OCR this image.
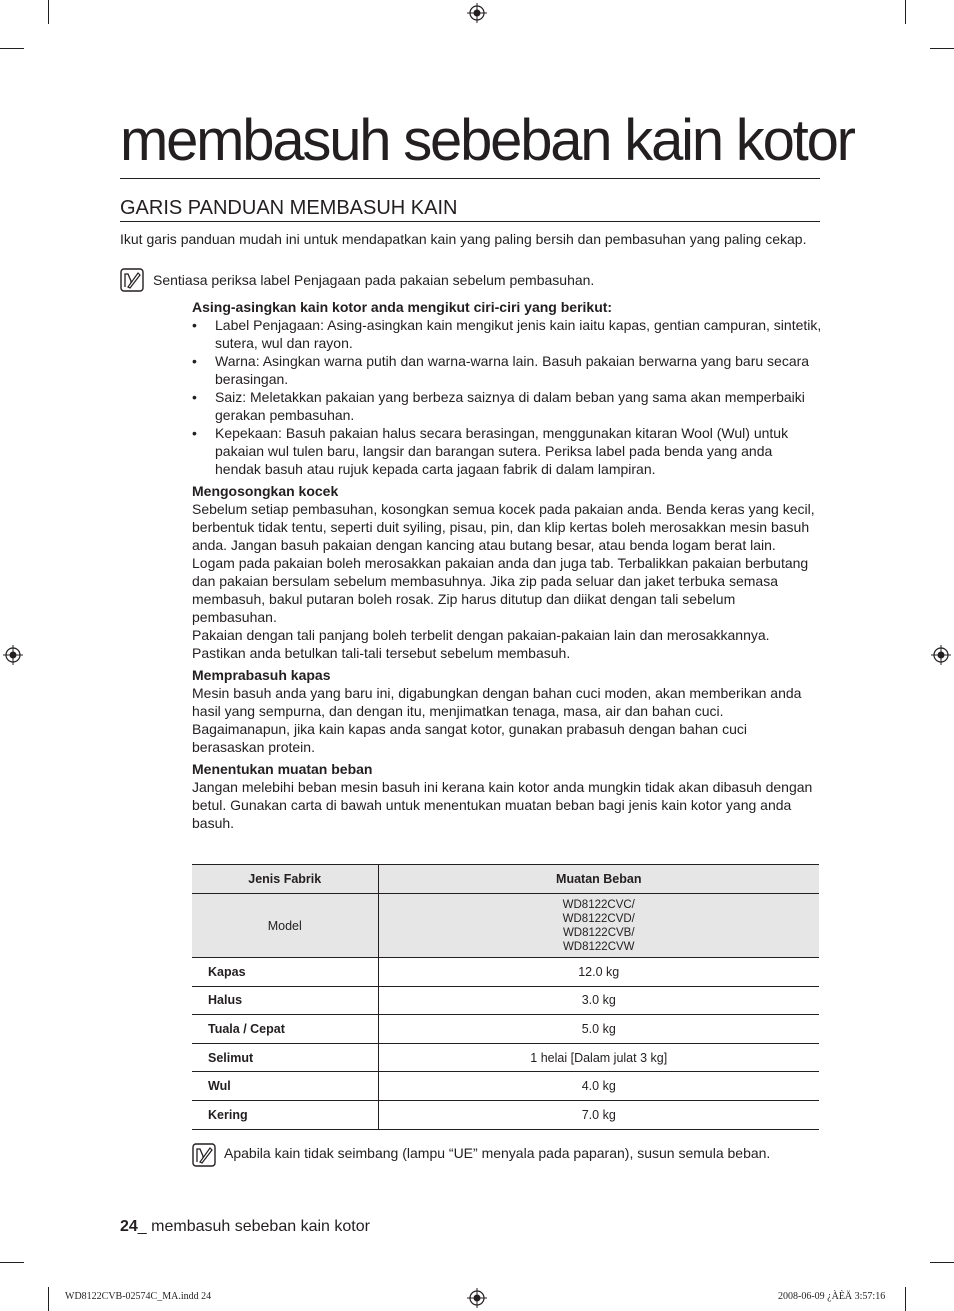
membasuh sebeban kain kotor
GARIS PANDUAN MEMBASUH KAIN
Ikut garis panduan mudah ini untuk mendapatkan kain yang paling bersih dan pembasuhan yang paling cekap.
Sentiasa periksa label Penjagaan pada pakaian sebelum pembasuhan.
Asing-asingkan kain kotor anda mengikut ciri-ciri yang berikut:
• Label Penjagaan: Asing-asingkan kain mengikut jenis kain iaitu kapas, gentian campuran, sintetik, sutera, wul dan rayon.
• Warna: Asingkan warna putih dan warna-warna lain. Basuh pakaian berwarna yang baru secara berasingan.
• Saiz: Meletakkan pakaian yang berbeza saiznya di dalam beban yang sama akan memperbaiki gerakan pembasuhan.
• Kepekaan: Basuh pakaian halus secara berasingan, menggunakan kitaran Wool (Wul) untuk pakaian wul tulen baru, langsir dan barangan sutera. Periksa label pada benda yang anda hendak basuh atau rujuk kepada carta jagaan fabrik di dalam lampiran.
Mengosongkan kocek

Sebelum setiap pembasuhan, kosongkan semua kocek pada pakaian anda. Benda keras yang kecil, berbentuk tidak tentu, seperti duit syiling, pisau, pin, dan klip kertas boleh merosakkan mesin basuh anda. Jangan basuh pakaian dengan kancing atau butang besar, atau benda logam berat lain.

Logam pada pakaian boleh merosakkan pakaian anda dan juga tab. Terbalikkan pakaian berbutang dan pakaian bersulam sebelum membasuhnya. Jika zip pada seluar dan jaket terbuka semasa membasuh, bakul putaran boleh rosak. Zip harus ditutup dan diikat dengan tali sebelum pembasuhan.

Pakaian dengan tali panjang boleh terbelit dengan pakaian-pakaian lain dan merosakkannya. Pastikan anda betulkan tali-tali tersebut sebelum membasuh.

Memprabasuh kapas

Mesin basuh anda yang baru ini, digabungkan dengan bahan cuci moden, akan memberikan anda hasil yang sempurna, dan dengan itu, menjimatkan tenaga, masa, air dan bahan cuci. Bagaimanapun, jika kain kapas anda sangat kotor, gunakan prabasuh dengan bahan cuci berasaskan protein.

Menentukan muatan beban

Jangan melebihi beban mesin basuh ini kerana kain kotor anda mungkin tidak akan dibasuh dengan betul. Gunakan carta di bawah untuk menentukan muatan beban bagi jenis kain kotor yang anda basuh.

Jenis Fabrik	Muatan Beban
Model	WD8122CVC/
WD8122CVD/
WD8122CVB/
WD8122CVW

Kapas	12.0 kg
Halus	3.0 kg
Tuala / Cepat	5.0 kg
Selimut	1 helai [Dalam julat 3 kg]
Wul	4.0 kg
Kering	7.0 kg
Apabila kain tidak seimbang (lampu “UE” menyala pada paparan), susun semula beban.
24_ membasuh sebeban kain kotor
WD8122CVB-02574C_MA.indd 24	2008-06-09 ¿ÀÈÄ 3:57:16
